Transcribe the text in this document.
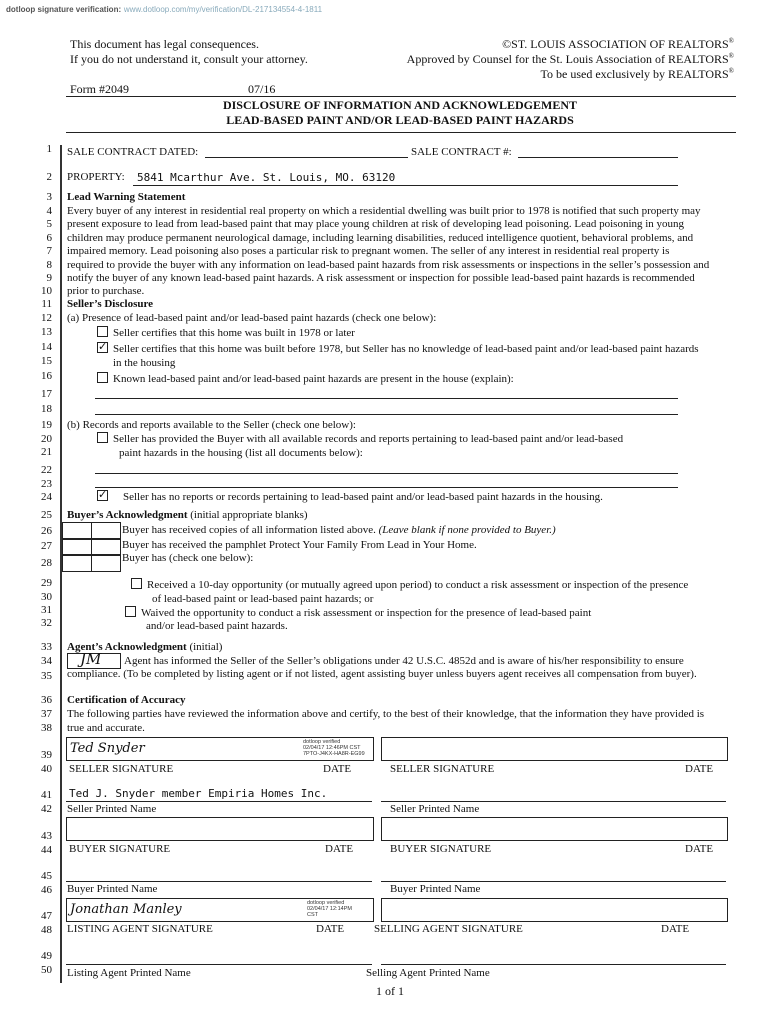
dotloop signature verification: www.dotloop.com/my/verification/DL-217134554-4-1811
This document has legal consequences.
If you do not understand it, consult your attorney.
©ST. LOUIS ASSOCIATION OF REALTORS®
Approved by Counsel for the St. Louis Association of REALTORS®
To be used exclusively by REALTORS®
Form #2049	07/16
DISCLOSURE OF INFORMATION AND ACKNOWLEDGEMENT
LEAD-BASED PAINT AND/OR LEAD-BASED PAINT HAZARDS
1
2
3
4
5
6
7
8
9
10
11
12
13
14
15
16
17
18
19
20
21
22
23
24
25
26
27
28
29
30
31
32
33
34
35
36
37
38
39
40
41
42
43
44
45
46
47
48
49
50
SALE CONTRACT DATED:	SALE CONTRACT #:
PROPERTY: 5841 Mcarthur Ave. St. Louis, MO. 63120
Lead Warning Statement
Every buyer of any interest in residential real property on which a residential dwelling was built prior to 1978 is notified that such property may
present exposure to lead from lead-based paint that may place young children at risk of developing lead poisoning. Lead poisoning in young
children may produce permanent neurological damage, including learning disabilities, reduced intelligence quotient, behavioral problems, and
impaired memory. Lead poisoning also poses a particular risk to pregnant women. The seller of any interest in residential real property is
required to provide the buyer with any information on lead-based paint hazards from risk assessments or inspections in the seller’s possession and
notify the buyer of any known lead-based paint hazards. A risk assessment or inspection for possible lead-based paint hazards is recommended
prior to purchase.
Seller’s Disclosure
(a) Presence of lead-based paint and/or lead-based paint hazards (check one below):
Seller certifies that this home was built in 1978 or later
✓Seller certifies that this home was built before 1978, but Seller has no knowledge of lead-based paint and/or lead-based paint hazards
in the housing
Known lead-based paint and/or lead-based paint hazards are present in the house (explain):
(b) Records and reports available to the Seller (check one below):
Seller has provided the Buyer with all available records and reports pertaining to lead-based paint and/or lead-based
paint hazards in the housing (list all documents below):
✓Seller has no reports or records pertaining to lead-based paint and/or lead-based paint hazards in the housing.
Buyer’s Acknowledgment (initial appropriate blanks)
Buyer has received copies of all information listed above. (Leave blank if none provided to Buyer.)
Buyer has received the pamphlet Protect Your Family From Lead in Your Home.
Buyer has (check one below):
Received a 10-day opportunity (or mutually agreed upon period) to conduct a risk assessment or inspection of the presence
of lead-based paint or lead-based paint hazards; or
Waived the opportunity to conduct a risk assessment or inspection for the presence of lead-based paint
and/or lead-based paint hazards.
Agent’s Acknowledgment (initial)
JM Agent has informed the Seller of the Seller’s obligations under 42 U.S.C. 4852d and is aware of his/her responsibility to ensure
compliance. (To be completed by listing agent or if not listed, agent assisting buyer unless buyers agent receives all compensation from buyer).
Certification of Accuracy
The following parties have reviewed the information above and certify, to the best of their knowledge, that the information they have provided is
true and accurate.
Ted Snyder	dotloop verified
02/04/17 12:46PM CST
7PTO-J4KX-HA8R-EG99
SELLER SIGNATURE	DATE	SELLER SIGNATURE	DATE
Ted J. Snyder member Empiria Homes Inc.
Seller Printed Name	Seller Printed Name
BUYER SIGNATURE	DATE	BUYER SIGNATURE	DATE
Buyer Printed Name	Buyer Printed Name
Jonathan Manley	dotloop verified
02/04/17 12:14PM
CST
LISTING AGENT SIGNATURE	DATE	SELLING AGENT SIGNATURE	DATE
Listing Agent Printed Name	Selling Agent Printed Name
1 of 1
